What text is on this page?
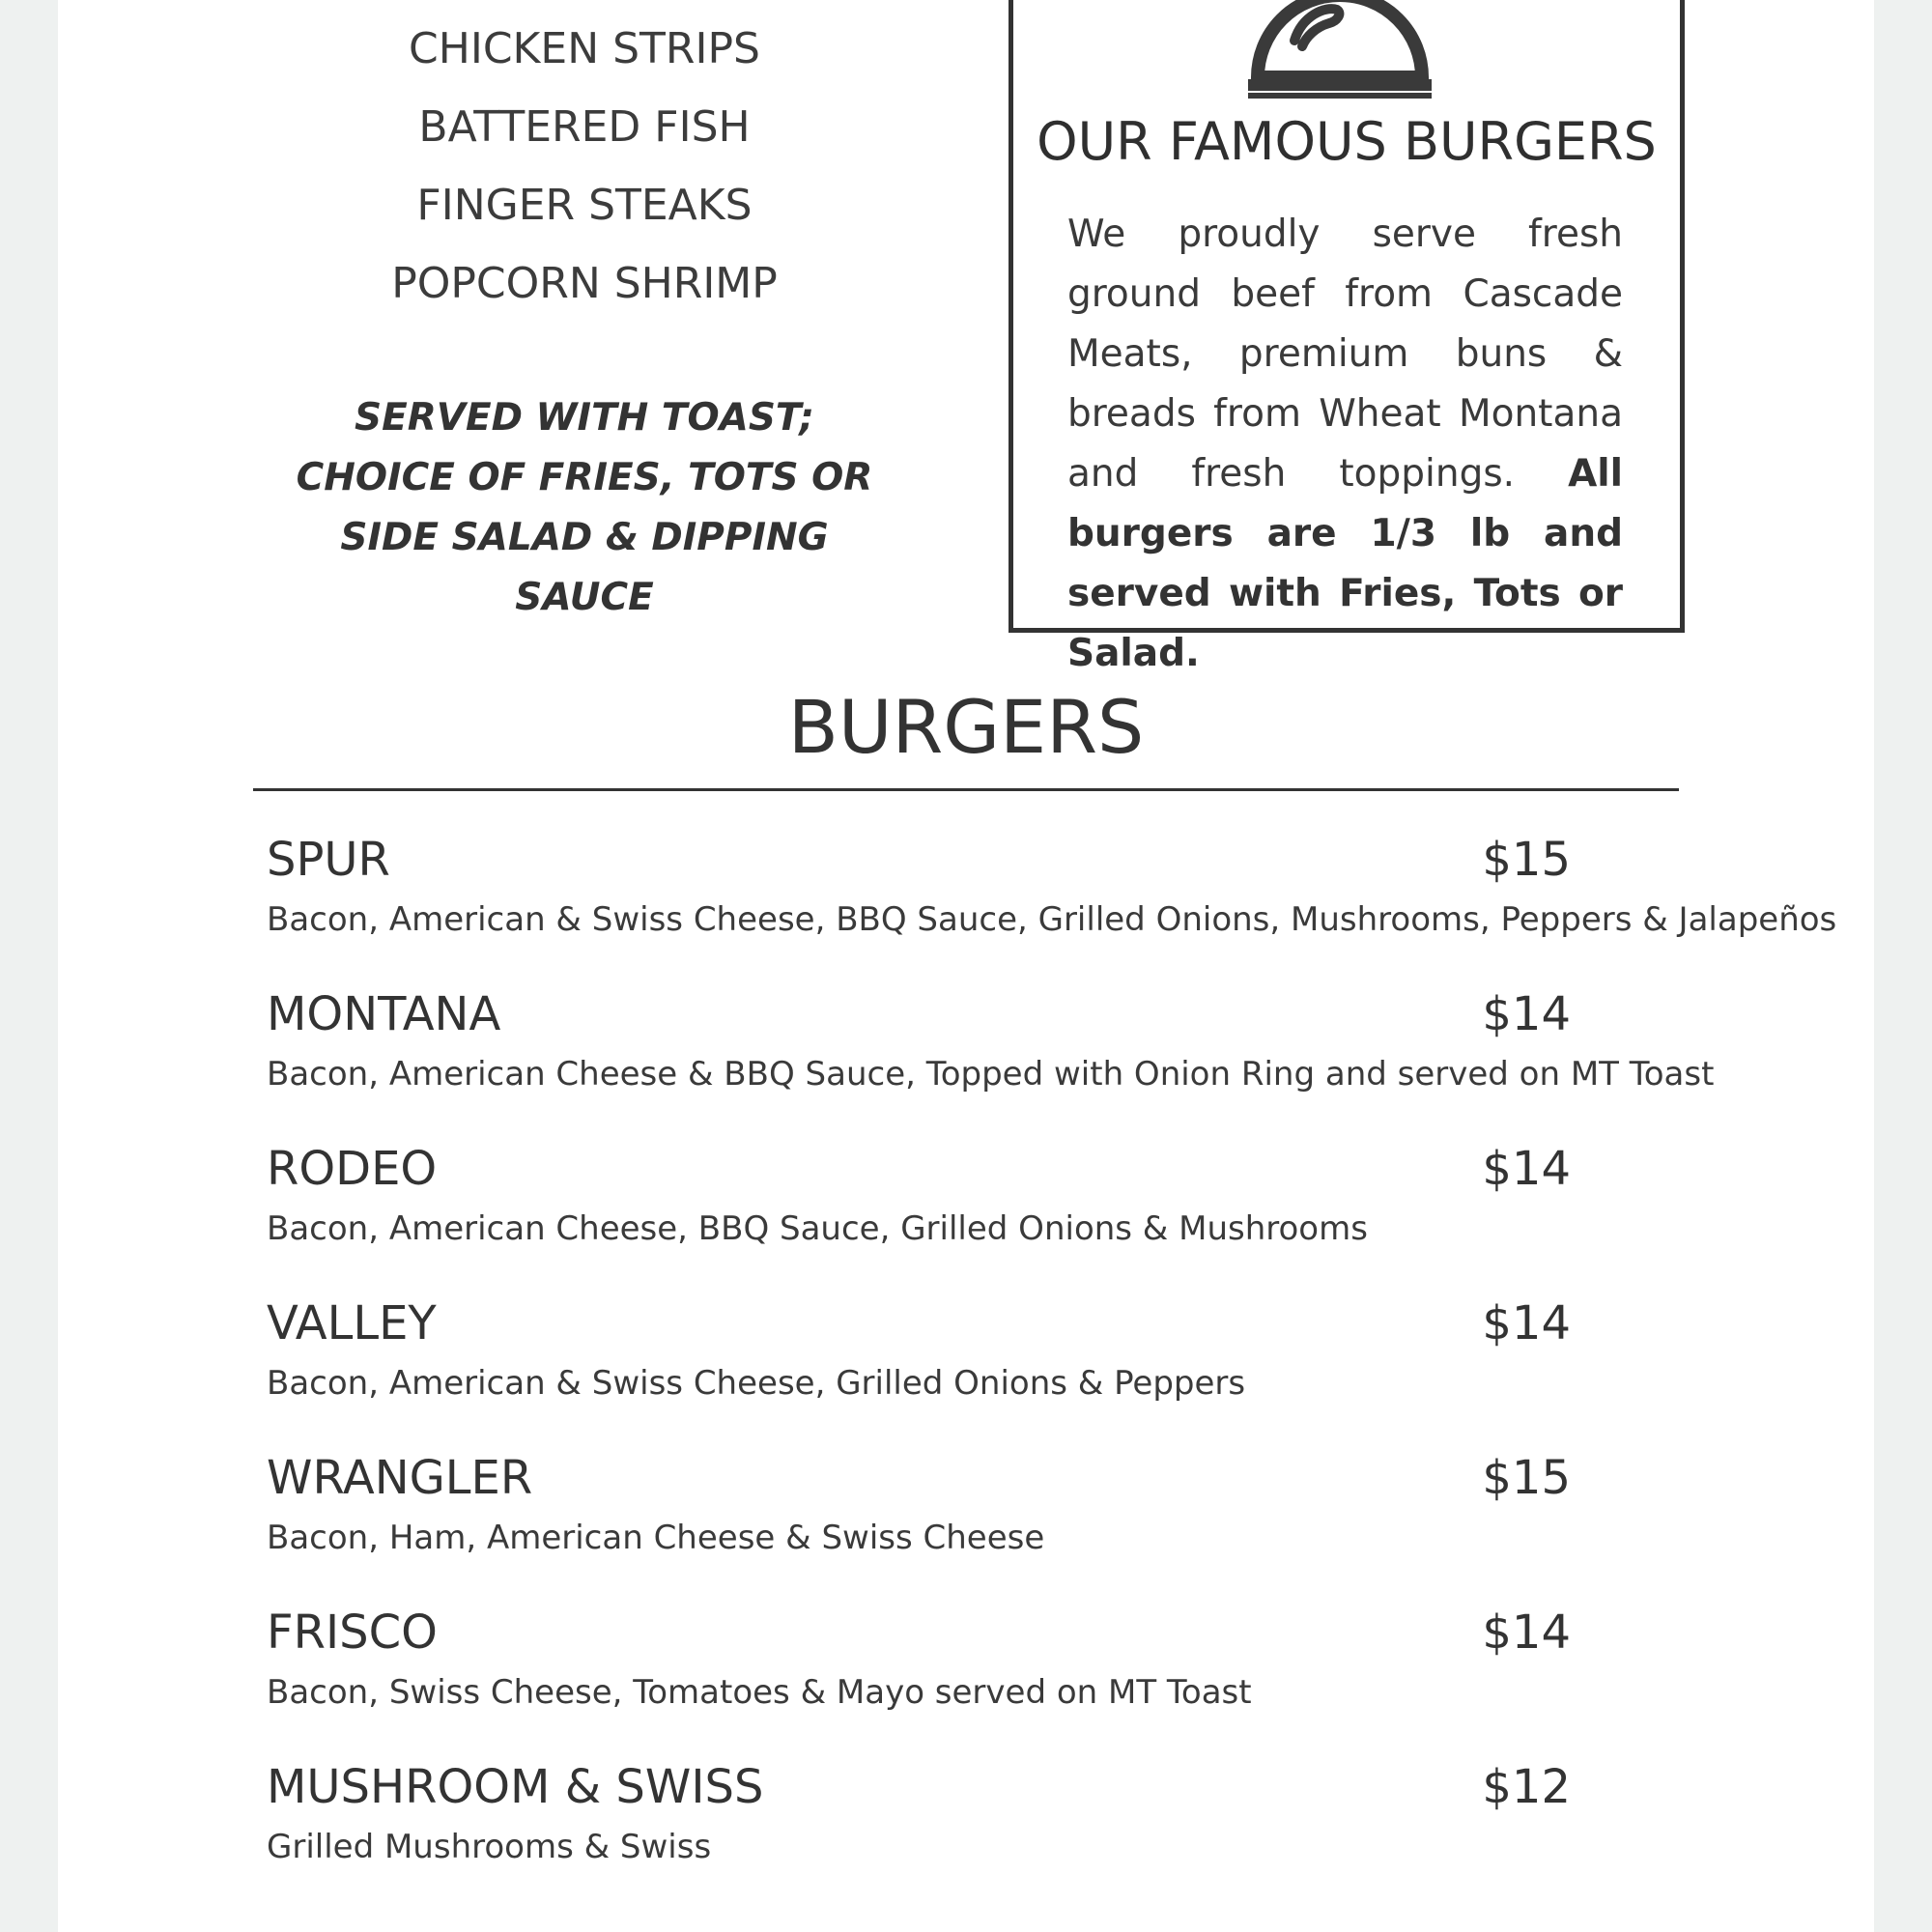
CHICKEN STRIPS
BATTERED FISH
FINGER STEAKS
POPCORN SHRIMP
SERVED WITH TOAST;
CHOICE OF FRIES, TOTS OR
SIDE SALAD & DIPPING
SAUCE
OUR FAMOUS BURGERS
We proudly serve fresh ground beef from Cascade Meats, premium buns & breads from Wheat Montana and fresh toppings. All burgers are 1/3 lb and served with Fries, Tots or Salad.
BURGERS
SPUR	$15
Bacon, American & Swiss Cheese, BBQ Sauce, Grilled Onions, Mushrooms, Peppers & Jalapeños
MONTANA	$14
Bacon, American Cheese & BBQ Sauce, Topped with Onion Ring and served on MT Toast
RODEO	$14
Bacon, American Cheese, BBQ Sauce, Grilled Onions & Mushrooms
VALLEY	$14
Bacon, American & Swiss Cheese, Grilled Onions & Peppers
WRANGLER	$15
Bacon, Ham, American Cheese & Swiss Cheese
FRISCO	$14
Bacon, Swiss Cheese, Tomatoes & Mayo served on MT Toast
MUSHROOM & SWISS	$12
Grilled Mushrooms & Swiss
